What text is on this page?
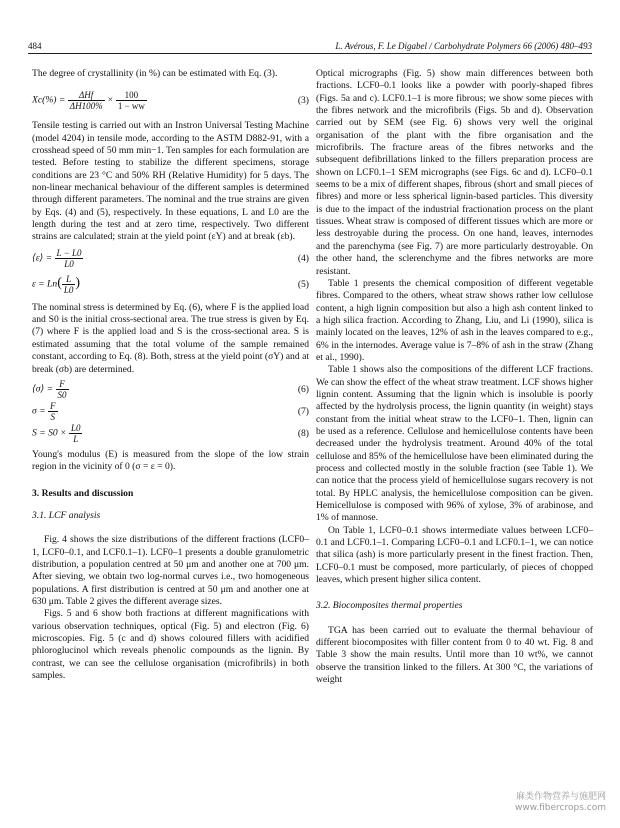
484	L. Avérous, F. Le Digabel / Carbohydrate Polymers 66 (2006) 480–493

The degree of crystallinity (in %) can be estimated with Eq. (3).

$Xc(\%) = \frac{\text{ΔHf}}{\Delta H100\%} \times \frac{100}{1 - ww}$	(3)

Tensile testing is carried out with an Instron Universal Testing Machine (model 4204) in tensile mode, according to the ASTM D882-91, with a crosshead speed of 50 mm min−1. Ten samples for each formulation are tested. Before testing to stabilize the different specimens, storage conditions are 23 °C and 50% RH (Relative Humidity) for 5 days. The non-linear mechanical behaviour of the different samples is determined through different parameters. The nominal and the true strains are given by Eqs. (4) and (5), respectively. In these equations, L and L0 are the length during the test and at zero time, respectively. Two different strains are calculated; strain at the yield point (εY) and at break (εb).

⟨ε⟩ = $\frac{L - L0}{L0}$	(4)
$\varepsilon = Ln( \frac{L}{L0}$ )	(5)

The nominal stress is determined by Eq. (6), where F is the applied load and S0 is the initial cross-sectional area. The true stress is given by Eq. (7) where F is the applied load and S is the cross-sectional area. S is estimated assuming that the total volume of the sample remained constant, according to Eq. (8). Both, stress at the yield point (σY) and at break (σb) are determined.

⟨σ⟩ = $\frac{F}{S0}$	(6)
$\sigma = \frac{F}{S}$	(7)
$S = S0 \times \frac{L0}{L}$	(8)

Young's modulus (E) is measured from the slope of the low strain region in the vicinity of 0 (σ = ε = 0).

3. Results and discussion
3.1. LCF analysis

Fig. 4 shows the size distributions of the different fractions (LCF0–1, LCF0–0.1, and LCF0.1–1). LCF0–1 presents a double granulometric distribution, a population centred at 50 μm and another one at 700 μm. After sieving, we obtain two log-normal curves i.e., two homogeneous populations. A first distribution is centred at 50 μm and another one at 630 μm. Table 2 gives the different average sizes.

Figs. 5 and 6 show both fractions at different magnifications with various observation techniques, optical (Fig. 5) and electron (Fig. 6) microscopies. Fig. 5 (c and d) shows coloured fillers with acidified phloroglucinol which reveals phenolic compounds as the lignin. By contrast, we can see the cellulose organisation (microfibrils) in both samples.

Optical micrographs (Fig. 5) show main differences between both fractions. LCF0–0.1 looks like a powder with poorly-shaped fibres (Figs. 5a and c). LCF0.1–1 is more fibrous; we show some pieces with the fibres network and the microfibrils (Figs. 5b and d). Observation carried out by SEM (see Fig. 6) shows very well the original organisation of the plant with the fibre organisation and the microfibrils. The fracture areas of the fibres networks and the subsequent defibrillations linked to the fillers preparation process are shown on LCF0.1–1 SEM micrographs (see Figs. 6c and d). LCF0–0.1 seems to be a mix of different shapes, fibrous (short and small pieces of fibres) and more or less spherical lignin-based particles. This diversity is due to the impact of the industrial fractionation process on the plant tissues. Wheat straw is composed of different tissues which are more or less destroyable during the process. On one hand, leaves, internodes and the parenchyma (see Fig. 7) are more particularly destroyable. On the other hand, the sclerenchyme and the fibres networks are more resistant.

Table 1 presents the chemical composition of different vegetable fibres. Compared to the others, wheat straw shows rather low cellulose content, a high lignin composition but also a high ash content linked to a high silica fraction. According to Zhang, Liu, and Li (1990), silica is mainly located on the leaves, 12% of ash in the leaves compared to e.g., 6% in the internodes. Average value is 7–8% of ash in the straw (Zhang et al., 1990).

Table 1 shows also the compositions of the different LCF fractions. We can show the effect of the wheat straw treatment. LCF shows higher lignin content. Assuming that the lignin which is insoluble is poorly affected by the hydrolysis process, the lignin quantity (in weight) stays constant from the initial wheat straw to the LCF0–1. Then, lignin can be used as a reference. Cellulose and hemicellulose contents have been decreased under the hydrolysis treatment. Around 40% of the total cellulose and 85% of the hemicellulose have been eliminated during the process and collected mostly in the soluble fraction (see Table 1). We can notice that the process yield of hemicellulose sugars recovery is not total. By HPLC analysis, the hemicellulose composition can be given. Hemicellulose is composed with 96% of xylose, 3% of arabinose, and 1% of mannose.

On Table 1, LCF0–0.1 shows intermediate values between LCF0–0.1 and LCF0.1–1. Comparing LCF0–0.1 and LCF0.1–1, we can notice that silica (ash) is more particularly present in the finest fraction. Then, LCF0–0.1 must be composed, more particularly, of pieces of chopped leaves, which present higher silica content.

3.2. Biocomposites thermal properties

TGA has been carried out to evaluate the thermal behaviour of different biocomposites with filler content from 0 to 40 wt. Fig. 8 and Table 3 show the main results. Until more than 10 wt%, we cannot observe the transition linked to the fillers. At 300 °C, the variations of weight

麻类作物营养与施肥网
www.fibercrops.com
